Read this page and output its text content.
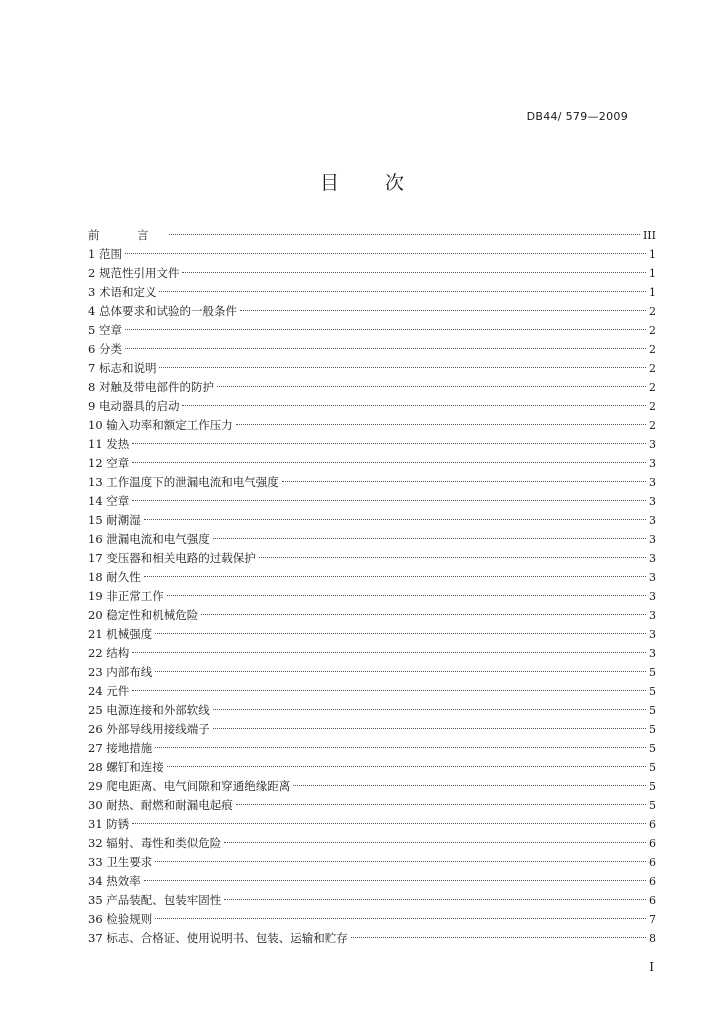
DB44/ 579—2009
目 次
前 言	III
1 范围	1
2 规范性引用文件	1
3 术语和定义	1
4 总体要求和试验的一般条件	2
5 空章	2
6 分类	2
7 标志和说明	2
8 对触及带电部件的防护	2
9 电动器具的启动	2
10 输入功率和额定工作压力	2
11 发热	3
12 空章	3
13 工作温度下的泄漏电流和电气强度	3
14 空章	3
15 耐潮湿	3
16 泄漏电流和电气强度	3
17 变压器和相关电路的过载保护	3
18 耐久性	3
19 非正常工作	3
20 稳定性和机械危险	3
21 机械强度	3
22 结构	3
23 内部布线	5
24 元件	5
25 电源连接和外部软线	5
26 外部导线用接线端子	5
27 接地措施	5
28 螺钉和连接	5
29 爬电距离、电气间隙和穿通绝缘距离	5
30 耐热、耐燃和耐漏电起痕	5
31 防锈	6
32 辐射、毒性和类似危险	6
33 卫生要求	6
34 热效率	6
35 产品装配、包装牢固性	6
36 检验规则	7
37 标志、合格证、使用说明书、包装、运输和贮存	8
I
